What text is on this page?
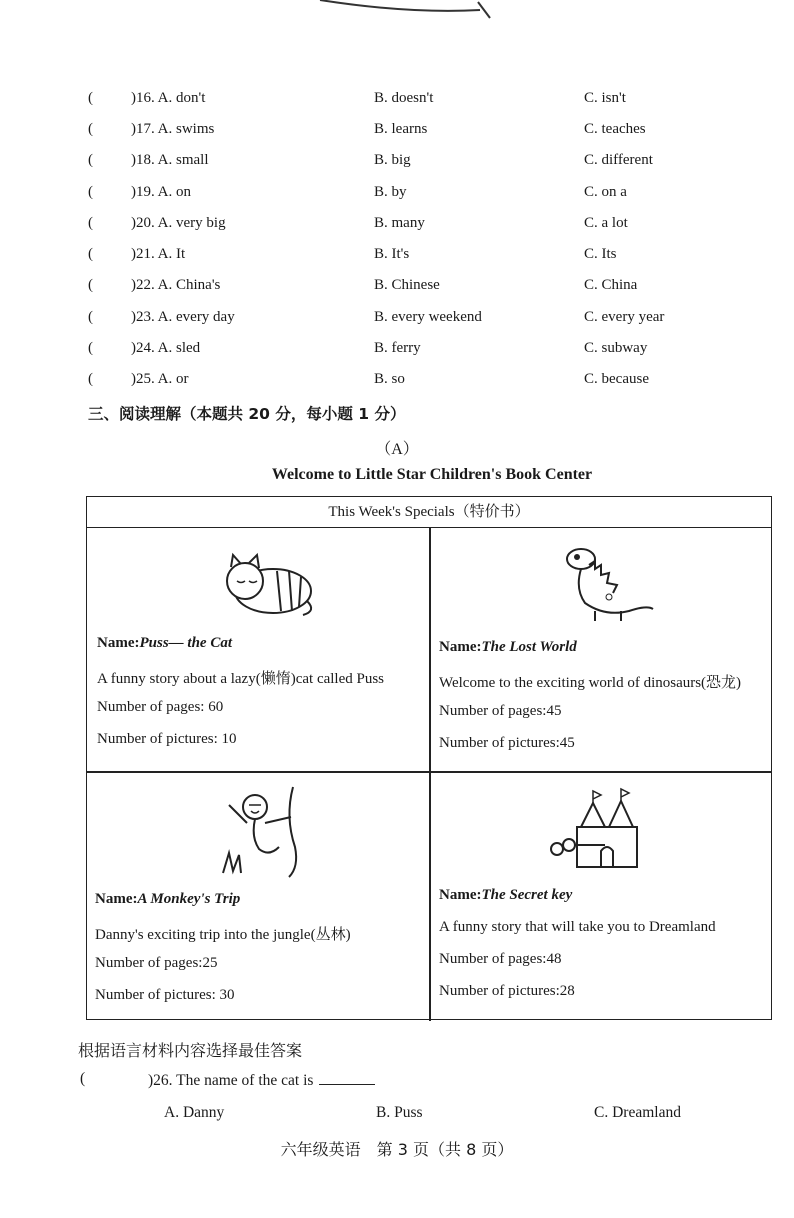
(	)16. A. don't	B. doesn't	C. isn't
(	)17. A. swims	B. learns	C. teaches
(	)18. A. small	B. big	C. different
(	)19. A. on	B. by	C. on a
(	)20. A. very big	B. many	C. a lot
(	)21. A. It	B. It's	C. Its
(	)22. A. China's	B. Chinese	C. China
(	)23. A. every day	B. every weekend	C. every year
(	)24. A. sled	B. ferry	C. subway
(	)25. A. or	B. so	C. because
三、阅读理解（本题共 20 分，每小题 1 分）
（A）
Welcome to Little Star Children's Book Center
This Week's Specials（特价书）
Name:Puss— the Cat
A funny story about a lazy(懒惰)cat called Puss
Number of pages: 60
Number of pictures: 10
Name:The Lost World
Welcome to the exciting world of dinosaurs(恐龙)
Number of pages:45
Number of pictures:45
Name:A Monkey's Trip
Danny's exciting trip into the jungle(丛林)
Number of pages:25
Number of pictures: 30
Name:The Secret key
A funny story that will take you to Dreamland
Number of pages:48
Number of pictures:28
根据语言材料内容选择最佳答案
(	)26. The name of the cat is
A. Danny	B. Puss	C. Dreamland
六年级英语　第 3 页（共 8 页）
